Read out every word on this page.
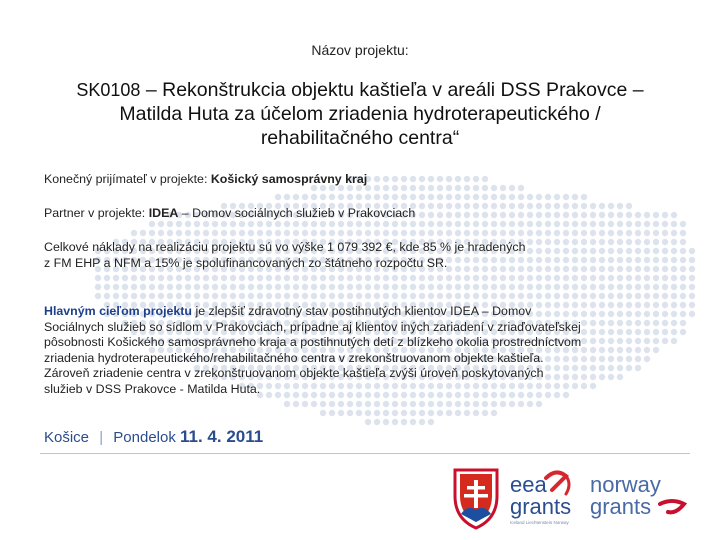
Názov projektu:
SK0108 – Rekonštrukcia objektu kaštieľa v areáli DSS Prakovce – Matilda Huta za účelom zriadenia hydroterapeutického / rehabilitačného centra“
Konečný prijímateľ v projekte: Košický samosprávny kraj
Partner v projekte: IDEA – Domov sociálnych služieb v Prakovciach
Celkové náklady na realizáciu projektu sú vo výške 1 079 392 €, kde 85 % je hradených z FM EHP a NFM a 15% je spolufinancovaných zo štátneho rozpočtu SR.
Hlavným cieľom projektu je zlepšiť zdravotný stav postihnutých klientov IDEA – Domov Sociálnych služieb so sídlom v Prakovciach, prípadne aj klientov iných zariadení v zriaďovateľskej pôsobnosti Košického samosprávneho kraja a postihnutých detí z blízkeho okolia prostredníctvom zriadenia hydroterapeutického/rehabilitačného centra v zrekonštruovanom objekte kaštieľa. Zároveň zriadenie centra v zrekonštruovanom objekte kaštieľa zvýši úroveň poskytovaných služieb v DSS Prakovce - Matilda Huta.
Košice | Pondelok 11. 4. 2011
eea
grants
Iceland Liechtenstein Norway
norway
grants
